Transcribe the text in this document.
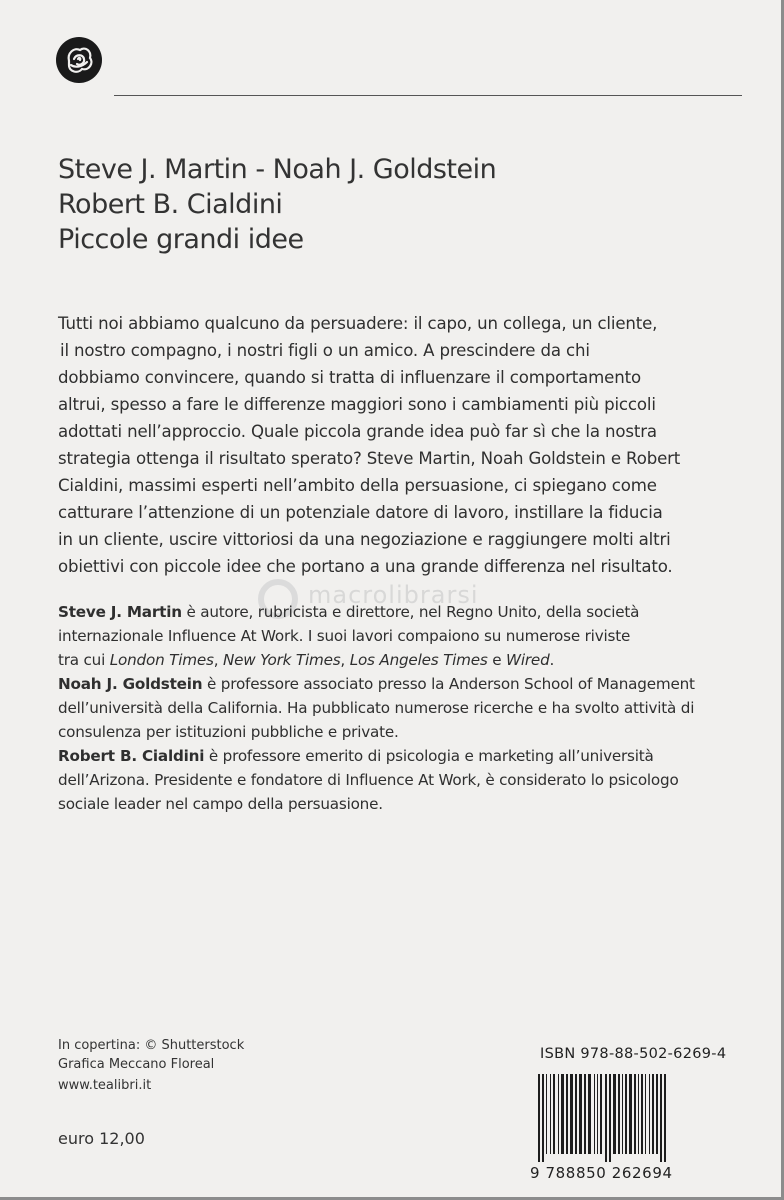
Steve J. Martin - Noah J. Goldstein
Robert B. Cialdini
Piccole grandi idee
Tutti noi abbiamo qualcuno da persuadere: il capo, un collega, un cliente,
il nostro compagno, i nostri figli o un amico. A prescindere da chi
dobbiamo convincere, quando si tratta di influenzare il comportamento
altrui, spesso a fare le differenze maggiori sono i cambiamenti più piccoli
adottati nell’approccio. Quale piccola grande idea può far sì che la nostra
strategia ottenga il risultato sperato? Steve Martin, Noah Goldstein e Robert
Cialdini, massimi esperti nell’ambito della persuasione, ci spiegano come
catturare l’attenzione di un potenziale datore di lavoro, instillare la fiducia
in un cliente, uscire vittoriosi da una negoziazione e raggiungere molti altri
obiettivi con piccole idee che portano a una grande differenza nel risultato.
macrolibrarsi
Steve J. Martin è autore, rubricista e direttore, nel Regno Unito, della società
internazionale Influence At Work. I suoi lavori compaiono su numerose riviste
tra cui London Times, New York Times, Los Angeles Times e Wired.
Noah J. Goldstein è professore associato presso la Anderson School of Management
dell’università della California. Ha pubblicato numerose ricerche e ha svolto attività di
consulenza per istituzioni pubbliche e private.
Robert B. Cialdini è professore emerito di psicologia e marketing all’università
dell’Arizona. Presidente e fondatore di Influence At Work, è considerato lo psicologo
sociale leader nel campo della persuasione.
In copertina: © Shutterstock
Grafica Meccano Floreal
www.tealibri.it
euro 12,00
ISBN 978-88-502-6269-4
9 788850 262694
